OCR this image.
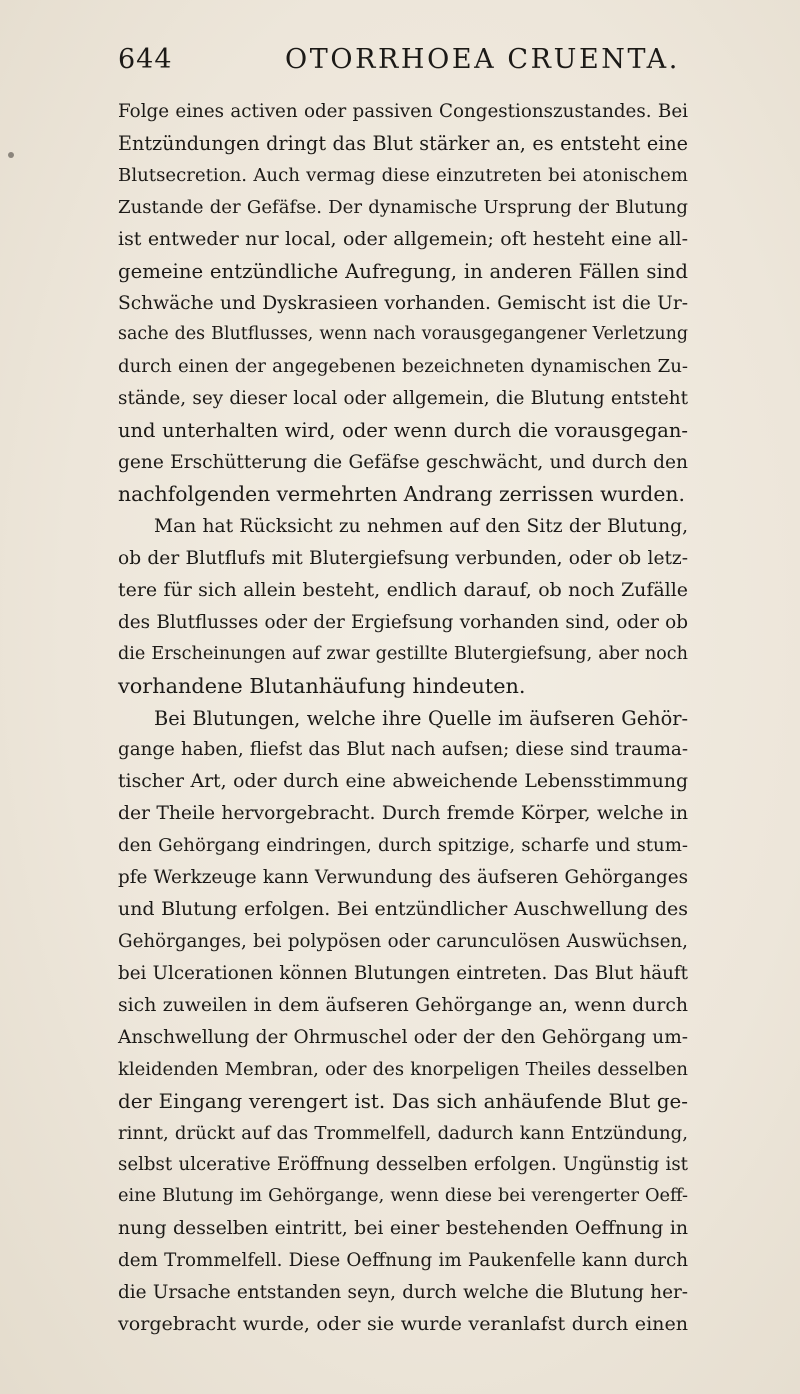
644	OTORRHOEA CRUENTA.
Folge eines activen oder passiven Congestionszustandes. Bei
Entzündungen dringt das Blut stärker an, es entsteht eine
Blutsecretion. Auch vermag diese einzutreten bei atonischem
Zustande der Gefäfse. Der dynamische Ursprung der Blutung
ist entweder nur local, oder allgemein; oft hesteht eine all-
gemeine entzündliche Aufregung, in anderen Fällen sind
Schwäche und Dyskrasieen vorhanden. Gemischt ist die Ur-
sache des Blutflusses, wenn nach vorausgegangener Verletzung
durch einen der angegebenen bezeichneten dynamischen Zu-
stände, sey dieser local oder allgemein, die Blutung entsteht
und unterhalten wird, oder wenn durch die vorausgegan-
gene Erschütterung die Gefäfse geschwächt, und durch den
nachfolgenden vermehrten Andrang zerrissen wurden.
Man hat Rücksicht zu nehmen auf den Sitz der Blutung,
ob der Blutflufs mit Blutergiefsung verbunden, oder ob letz-
tere für sich allein besteht, endlich darauf, ob noch Zufälle
des Blutflusses oder der Ergiefsung vorhanden sind, oder ob
die Erscheinungen auf zwar gestillte Blutergiefsung, aber noch
vorhandene Blutanhäufung hindeuten.
Bei Blutungen, welche ihre Quelle im äufseren Gehör-
gange haben, fliefst das Blut nach aufsen; diese sind trauma-
tischer Art, oder durch eine abweichende Lebensstimmung
der Theile hervorgebracht. Durch fremde Körper, welche in
den Gehörgang eindringen, durch spitzige, scharfe und stum-
pfe Werkzeuge kann Verwundung des äufseren Gehörganges
und Blutung erfolgen. Bei entzündlicher Auschwellung des
Gehörganges, bei polypösen oder carunculösen Auswüchsen,
bei Ulcerationen können Blutungen eintreten. Das Blut häuft
sich zuweilen in dem äufseren Gehörgange an, wenn durch
Anschwellung der Ohrmuschel oder der den Gehörgang um-
kleidenden Membran, oder des knorpeligen Theiles desselben
der Eingang verengert ist. Das sich anhäufende Blut ge-
rinnt, drückt auf das Trommelfell, dadurch kann Entzündung,
selbst ulcerative Eröffnung desselben erfolgen. Ungünstig ist
eine Blutung im Gehörgange, wenn diese bei verengerter Oeff-
nung desselben eintritt, bei einer bestehenden Oeffnung in
dem Trommelfell. Diese Oeffnung im Paukenfelle kann durch
die Ursache entstanden seyn, durch welche die Blutung her-
vorgebracht wurde, oder sie wurde veranlafst durch einen
